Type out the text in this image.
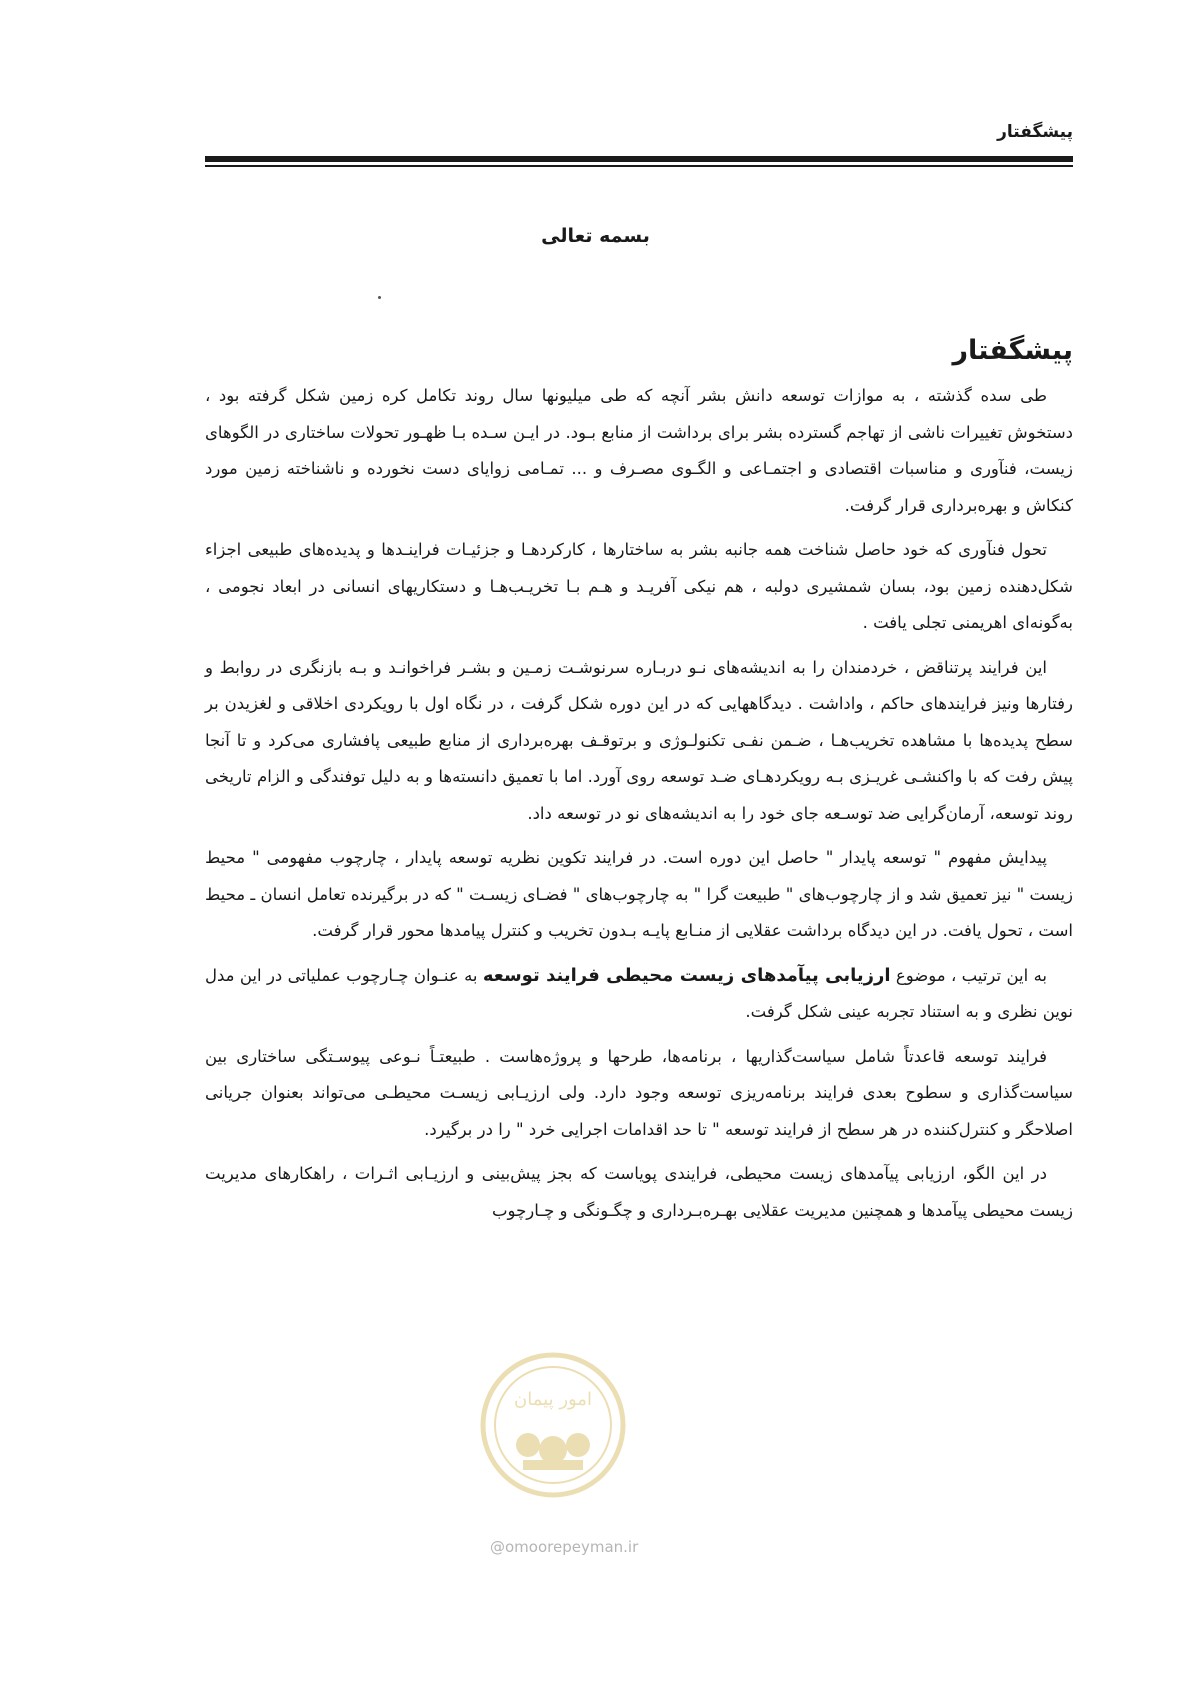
پیشگفتار
بسمه تعالی
پیشگفتار

طی سده گذشته ، به موازات توسعه دانش بشر آنچه که طی میلیونها سال روند تکامل کره زمین شکل گرفته بود ، دستخوش تغییرات ناشی از تهاجم گسترده بشر برای برداشت از منابع بـود. در ایـن سـده بـا ظهـور تحولات ساختاری در الگوهای زیست، فنآوری و مناسبات اقتصادی و اجتمـاعی و الگـوی مصـرف و ... تمـامی زوایای دست نخورده و ناشناخته زمین مورد کنکاش و بهره‌برداری قرار گرفت.

تحول فنآوری که خود حاصل شناخت همه جانبه بشر به ساختارها ، کارکردهـا و جزئیـات فراینـدها و پدیده‌های طبیعی اجزاء شکل‌دهنده زمین بود، بسان شمشیری دولبه ، هم نیکی آفریـد و هـم بـا تخریـب‌هـا و دستکاریهای انسانی در ابعاد نجومی ، به‌گونه‌ای اهریمنی تجلی یافت .

این فرایند پرتناقض ، خردمندان را به اندیشه‌های نـو دربـاره سرنوشـت زمـین و بشـر فراخوانـد و بـه بازنگری در روابط و رفتارها ونیز فرایندهای حاکم ، واداشت . دیدگاههایی که در این دوره شکل گرفت ، در نگاه اول با رویکردی اخلاقی و لغزیدن بر سطح پدیده‌ها با مشاهده تخریب‌هـا ، ضـمن نفـی تکنولـوژی و برتوقـف بهره‌برداری از منابع طبیعی پافشاری می‌کرد و تا آنجا پیش رفت که با واکنشـی غریـزی بـه رویکردهـای ضـد توسعه روی آورد. اما با تعمیق دانسته‌ها و به دلیل توفندگی و الزام تاریخی روند توسعه، آرمان‌گرایی ضد توسـعه جای خود را به اندیشه‌های نو در توسعه داد.

پیدایش مفهوم " توسعه پایدار " حاصل این دوره است. در فرایند تکوین نظریه توسعه پایدار ، چارچوب مفهومی " محیط زیست " نیز تعمیق شد و از چارچوب‌های " طبیعت گرا " به چارچوب‌های " فضـای زیسـت " که در برگیرنده تعامل انسان ـ محیط است ، تحول یافت. در این دیدگاه برداشت عقلایی از منـابع پایـه بـدون تخریب و کنترل پیامدها محور قرار گرفت.

به این ترتیب ، موضوع ارزیابی پیآمدهای زیست محیطی فرایند توسعه به عنـوان چـارچوب عملیاتی در این مدل نوین نظری و به استناد تجربه عینی شکل گرفت.

فرایند توسعه قاعدتاً شامل سیاست‌گذاریها ، برنامه‌ها، طرحها و پروژه‌هاست . طبیعتـاً نـوعی پیوسـتگی ساختاری بین سیاست‌گذاری و سطوح بعدی فرایند برنامه‌ریزی توسعه وجود دارد. ولی ارزیـابی زیسـت محیطـی می‌تواند بعنوان جریانی اصلاحگر و کنترل‌کننده در هر سطح از فرایند توسعه " تا حد اقدامات اجرایی خرد " را در برگیرد.

در این الگو، ارزیابی پیآمدهای زیست محیطی، فرایندی پویاست که بجز پیش‌بینی و ارزیـابی اثـرات ، راهکارهای مدیریت زیست محیطی پیآمدها و همچنین مدیریت عقلایی بهـره‌بـرداری و چگـونگی و چـارچوب

امور پیمان
@omoorepeyman.ir
